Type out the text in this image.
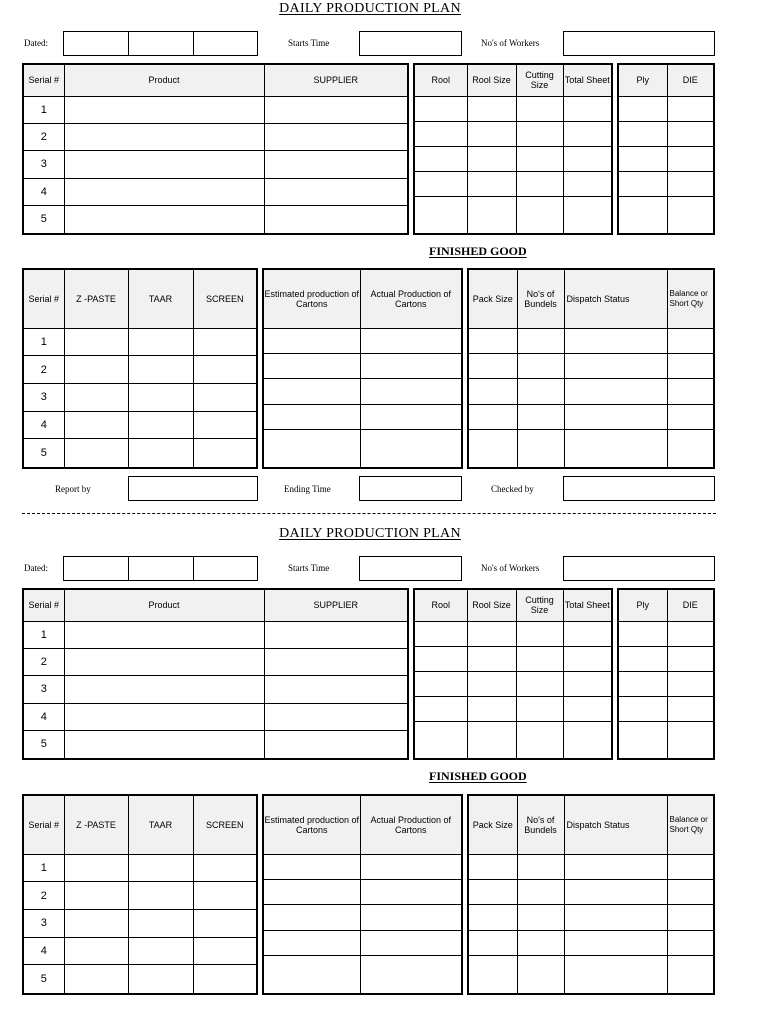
DAILY PRODUCTION PLAN
Dated:	Starts Time	No's of Workers
Serial #	Product	SUPPLIER
1		
2		
3		
4		
5		
Rool	Rool Size	Cutting Size	Total Sheet

				Ply	DIE

FINISHED GOOD
Serial #	Z -PASTE	TAAR	SCREEN
1			
2			
3			
4			
5			
Estimated production of Cartons	Actual Production of Cartons

		Pack Size	No's of Bundels	Dispatch Status	Balance or Short Qty

Report by	Ending Time	Checked by
DAILY PRODUCTION PLAN
Dated:	Starts Time	No's of Workers
Serial #	Product	SUPPLIER
1		
2		
3		
4		
5		
Rool	Rool Size	Cutting Size	Total Sheet

				Ply	DIE

FINISHED GOOD
Serial #	Z -PASTE	TAAR	SCREEN
1			
2			
3			
4			
5			
Estimated production of Cartons	Actual Production of Cartons

		Pack Size	No's of Bundels	Dispatch Status	Balance or Short Qty
